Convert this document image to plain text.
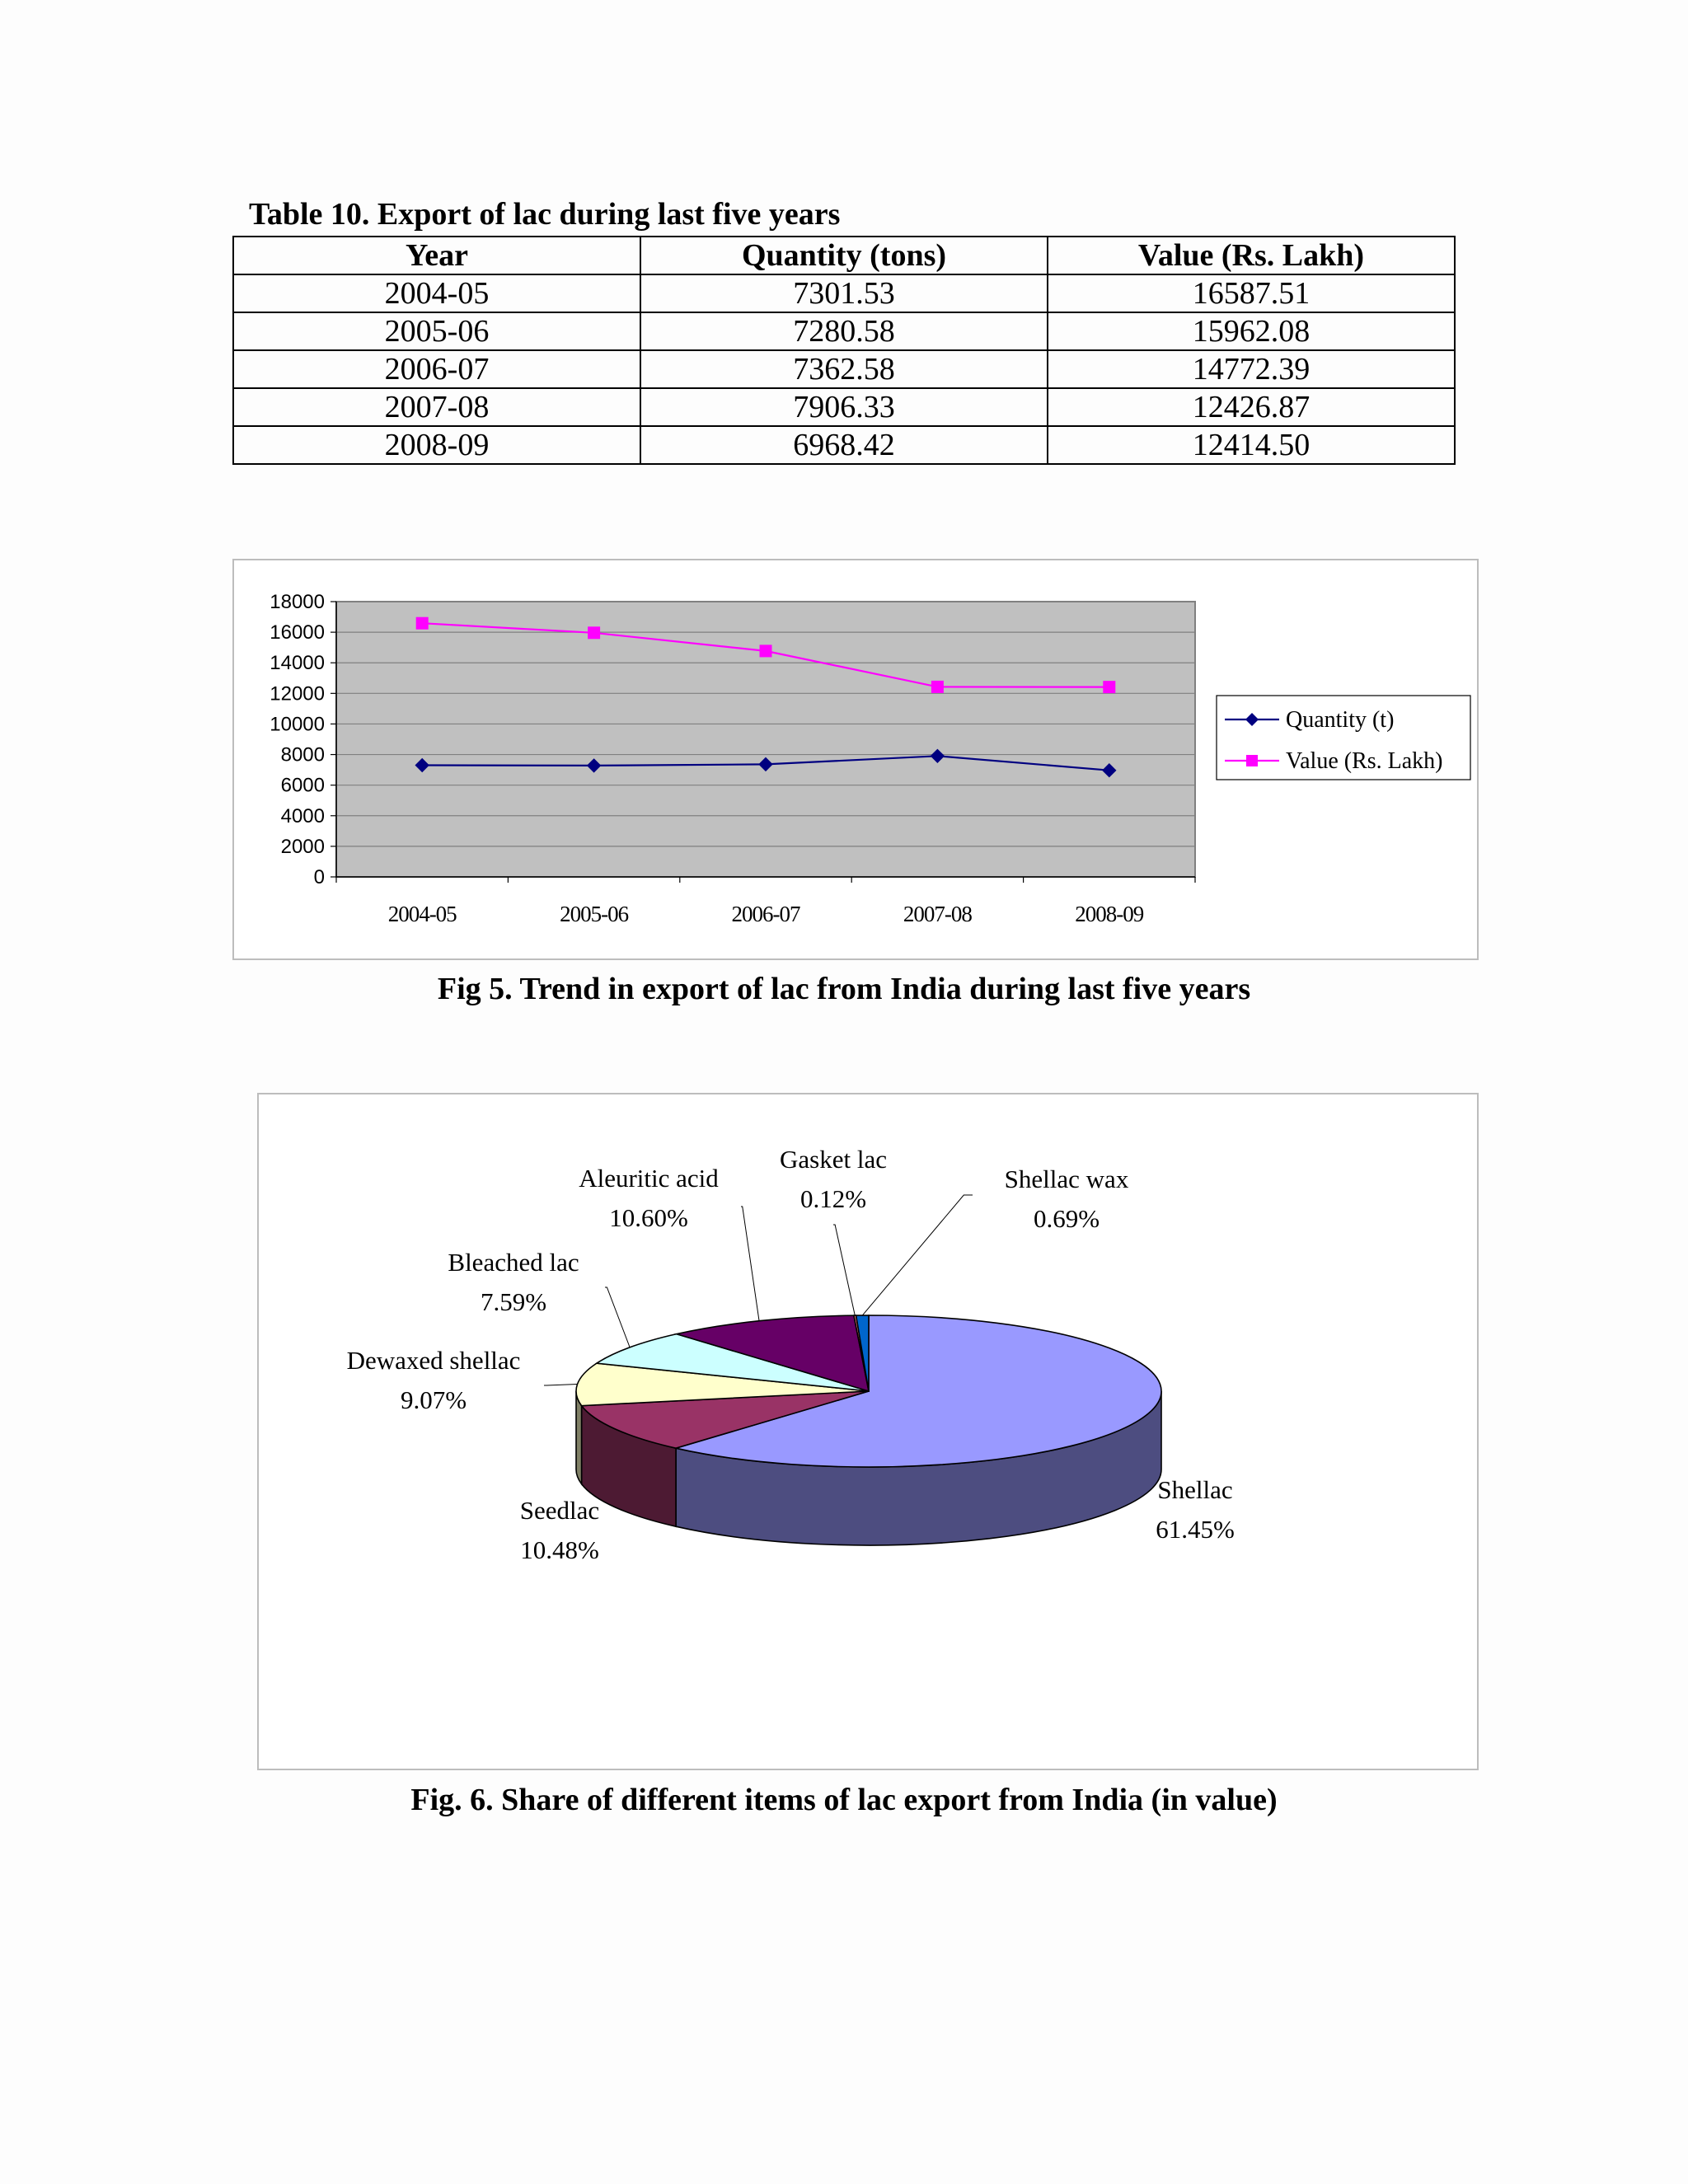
Table 10. Export of lac during last five years
Year	Quantity (tons)	Value (Rs. Lakh)
2004-05	7301.53	16587.51
2005-06	7280.58	15962.08
2006-07	7362.58	14772.39
2007-08	7906.33	12426.87
2008-09	6968.42	12414.50
0
2000
4000
6000
8000
10000
12000
14000
16000
18000
2004-05	2005-06	2006-07	2007-08	2008-09
Quantity (t)
Value (Rs. Lakh)
Fig 5. Trend in export of lac from India during last five years
Shellac
61.45%
Seedlac
10.48%
Dewaxed shellac
9.07%
Bleached lac
7.59%
Aleuritic acid
10.60%
Gasket lac
0.12%
Shellac wax
0.69%
Fig. 6. Share of different items of lac export from India (in value)
